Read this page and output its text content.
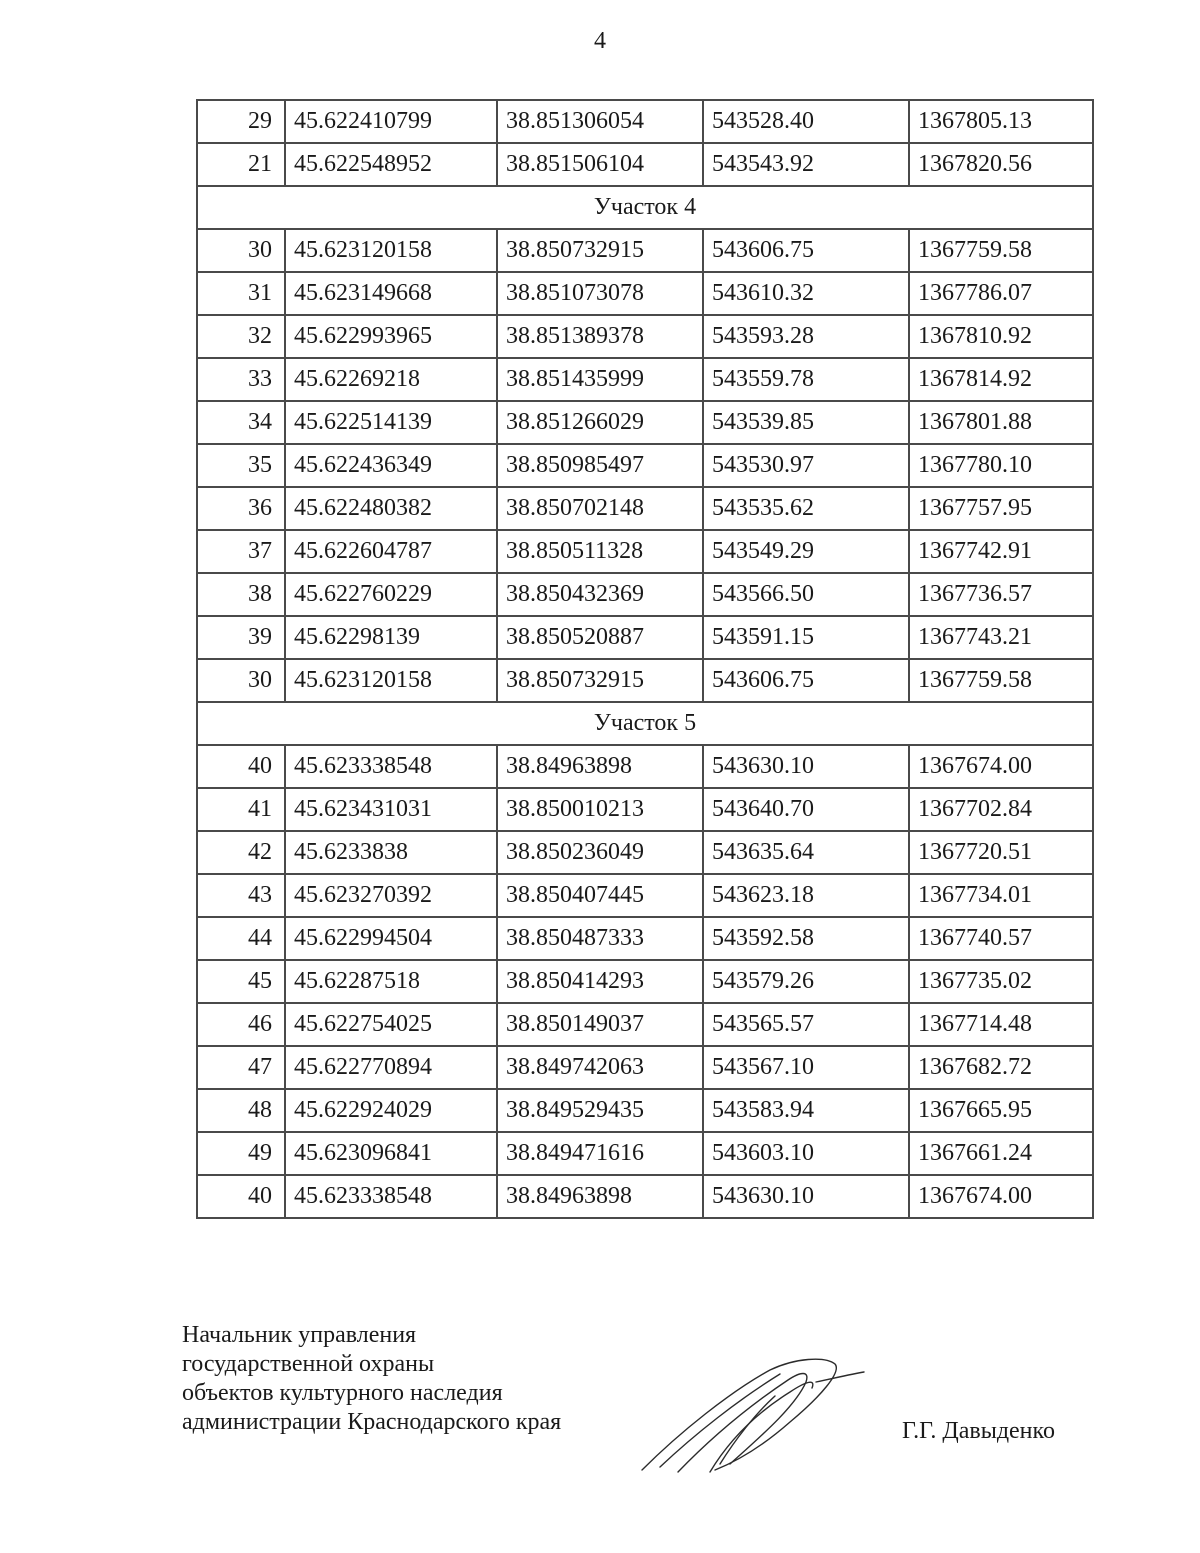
4
29	45.622410799	38.851306054	543528.40	1367805.13
21	45.622548952	38.851506104	543543.92	1367820.56
Участок 4				
30	45.623120158	38.850732915	543606.75	1367759.58
31	45.623149668	38.851073078	543610.32	1367786.07
32	45.622993965	38.851389378	543593.28	1367810.92
33	45.62269218	38.851435999	543559.78	1367814.92
34	45.622514139	38.851266029	543539.85	1367801.88
35	45.622436349	38.850985497	543530.97	1367780.10
36	45.622480382	38.850702148	543535.62	1367757.95
37	45.622604787	38.850511328	543549.29	1367742.91
38	45.622760229	38.850432369	543566.50	1367736.57
39	45.62298139	38.850520887	543591.15	1367743.21
30	45.623120158	38.850732915	543606.75	1367759.58
Участок 5				
40	45.623338548	38.84963898	543630.10	1367674.00
41	45.623431031	38.850010213	543640.70	1367702.84
42	45.6233838	38.850236049	543635.64	1367720.51
43	45.623270392	38.850407445	543623.18	1367734.01
44	45.622994504	38.850487333	543592.58	1367740.57
45	45.62287518	38.850414293	543579.26	1367735.02
46	45.622754025	38.850149037	543565.57	1367714.48
47	45.622770894	38.849742063	543567.10	1367682.72
48	45.622924029	38.849529435	543583.94	1367665.95
49	45.623096841	38.849471616	543603.10	1367661.24
40	45.623338548	38.84963898	543630.10	1367674.00
Начальник управления
государственной охраны
объектов культурного наследия
администрации Краснодарского края	Г.Г. Давыденко
